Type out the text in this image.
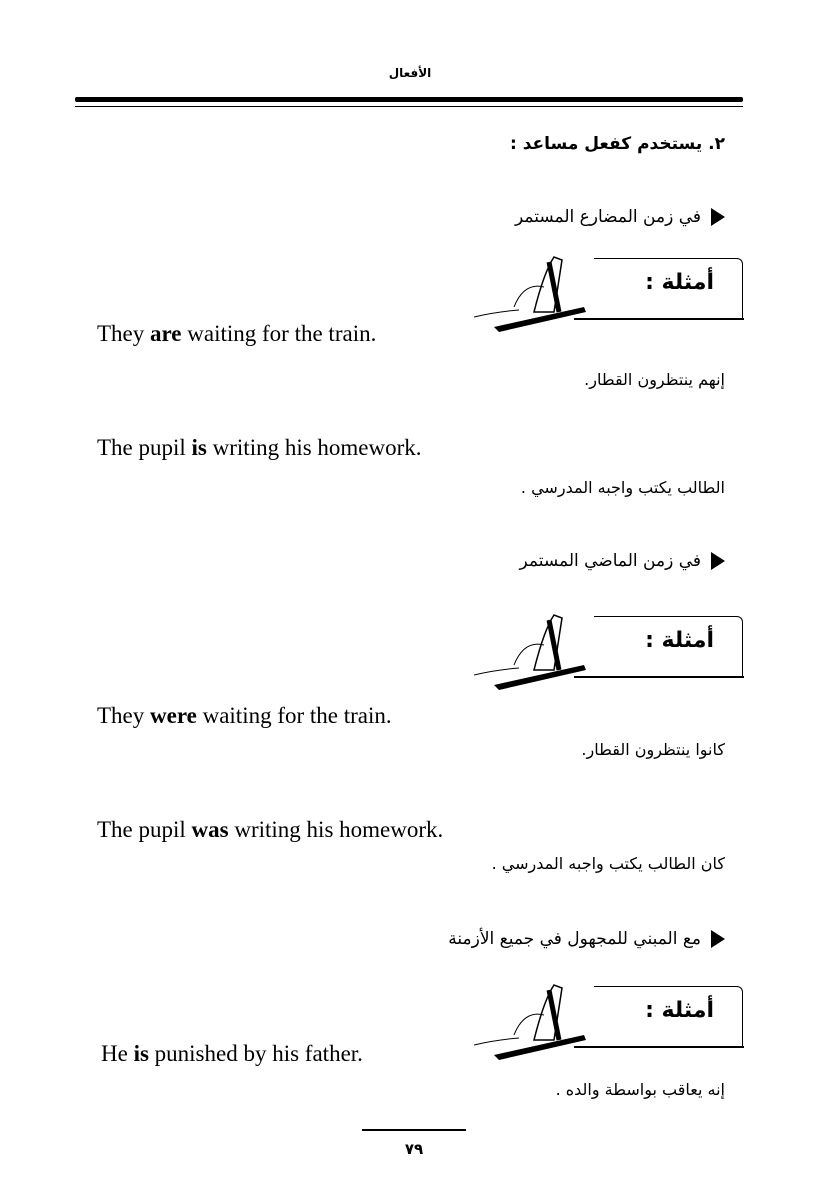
الأفعال
٢. يستخدم كفعل مساعد :
في زمن المضارع المستمر
أمثلة :
They are waiting for the train.
إنهم ينتظرون القطار.
The pupil is writing his homework.
الطالب يكتب واجبه المدرسي .
في زمن الماضي المستمر
أمثلة :
They were waiting for the train.
كانوا ينتظرون القطار.
The pupil was writing his homework.
كان الطالب يكتب واجبه المدرسي .
مع المبني للمجهول في جميع الأزمنة
أمثلة :
He is punished by his father.
إنه يعاقب بواسطة والده .
٧٩
